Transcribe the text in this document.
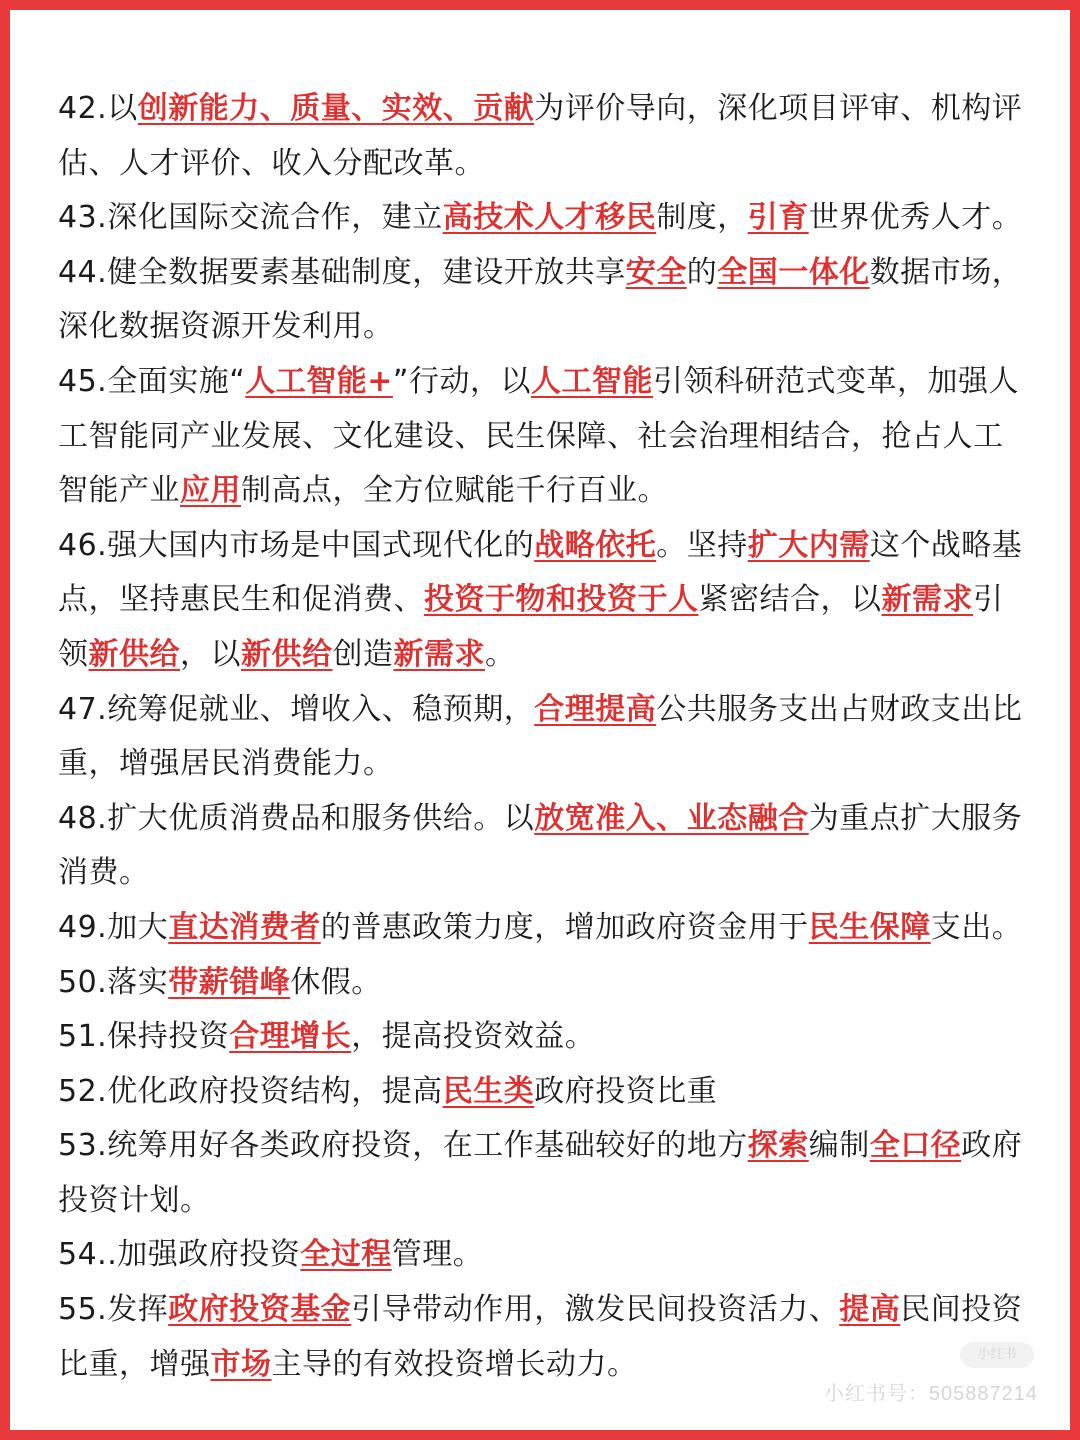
42.以创新能力、质量、实效、贡献为评价导向，深化项目评审、机构评估、人才评价、收入分配改革。

43.深化国际交流合作，建立高技术人才移民制度，引育世界优秀人才。

44.健全数据要素基础制度，建设开放共享安全的全国一体化数据市场，深化数据资源开发利用。

45.全面实施“人工智能+”行动，以人工智能引领科研范式变革，加强人工智能同产业发展、文化建设、民生保障、社会治理相结合，抢占人工智能产业应用制高点，全方位赋能千行百业。

46.强大国内市场是中国式现代化的战略依托。坚持扩大内需这个战略基点，坚持惠民生和促消费、投资于物和投资于人紧密结合，以新需求引领新供给，以新供给创造新需求。

47.统筹促就业、增收入、稳预期，合理提高公共服务支出占财政支出比重，增强居民消费能力。

48.扩大优质消费品和服务供给。以放宽准入、业态融合为重点扩大服务消费。

49.加大直达消费者的普惠政策力度，增加政府资金用于民生保障支出。

50.落实带薪错峰休假。

51.保持投资合理增长，提高投资效益。

52.优化政府投资结构，提高民生类政府投资比重

53.统筹用好各类政府投资，在工作基础较好的地方探索编制全口径政府投资计划。

54..加强政府投资全过程管理。

55.发挥政府投资基金引导带动作用，激发民间投资活力、提高民间投资比重，增强市场主导的有效投资增长动力。	小红书
小红书号：505887214
